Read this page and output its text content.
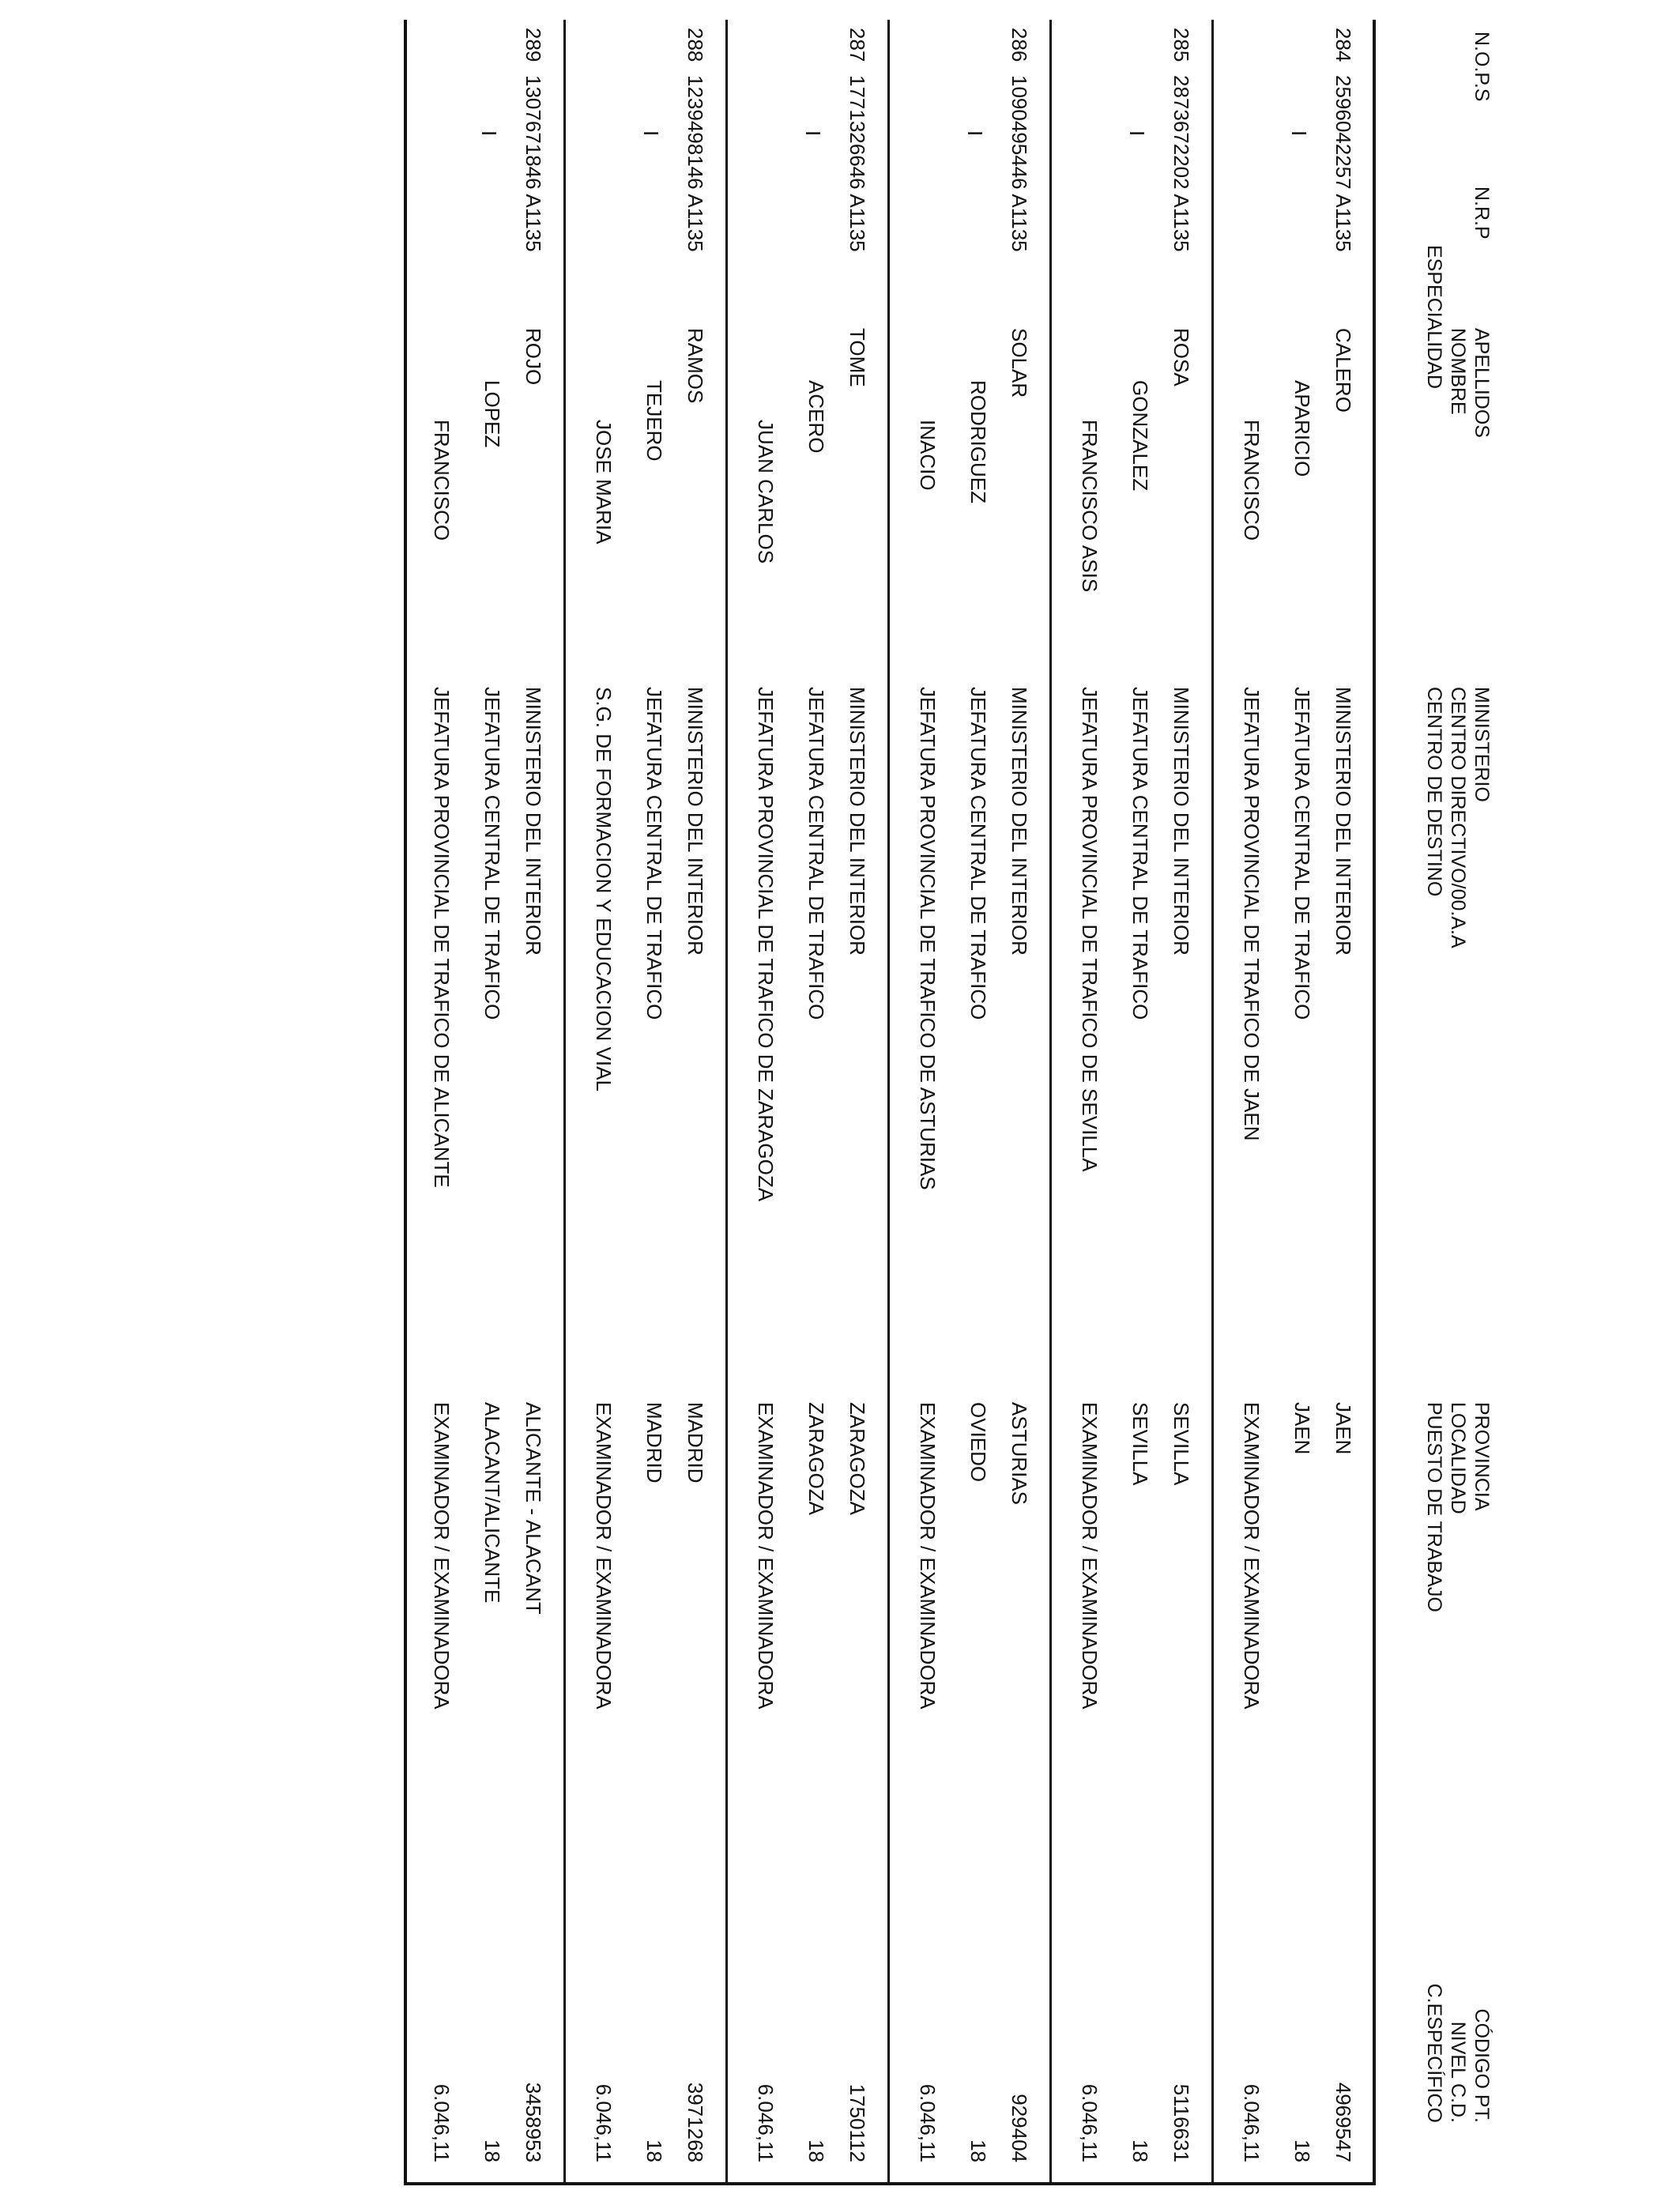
N.O.P.S
N.R.P
ESPECIALIDAD APELLIDOS
NOMBRE
MINISTERIO
CENTRO DIRECTIVO/00.A.A
CENTRO DE DESTINO
PROVINCIA
LOCALIDAD
PUESTO DE TRABAJO
CÓDIGO PT.
NIVEL C.D.
C.ESPECÍFICO
284
2596042257 A1135
I
CALERO
APARICIO
FRANCISCO
MINISTERIO DEL INTERIOR
JEFATURA CENTRAL DE TRAFICO
JEFATURA PROVINCIAL DE TRAFICO DE JAEN
JAEN
JAEN
EXAMINADOR / EXAMINADORA
4969547
18
6.046,11
285
2873672202 A1135
I
ROSA
GONZALEZ
FRANCISCO ASIS
MINISTERIO DEL INTERIOR
JEFATURA CENTRAL DE TRAFICO
JEFATURA PROVINCIAL DE TRAFICO DE SEVILLA
SEVILLA
SEVILLA
EXAMINADOR / EXAMINADORA
5116631
18
6.046,11
286
1090495446 A1135
I
SOLAR
RODRIGUEZ
INACIO
MINISTERIO DEL INTERIOR
JEFATURA CENTRAL DE TRAFICO
JEFATURA PROVINCIAL DE TRAFICO DE ASTURIAS
ASTURIAS
OVIEDO
EXAMINADOR / EXAMINADORA
929404
18
6.046,11
287
1771326646 A1135
I
TOME
ACERO
JUAN CARLOS
MINISTERIO DEL INTERIOR
JEFATURA CENTRAL DE TRAFICO
JEFATURA PROVINCIAL DE TRAFICO DE ZARAGOZA
ZARAGOZA
ZARAGOZA
EXAMINADOR / EXAMINADORA
1750112
18
6.046,11
288
1239498146 A1135
I
RAMOS
TEJERO
JOSE MARIA
MINISTERIO DEL INTERIOR
JEFATURA CENTRAL DE TRAFICO
S.G. DE FORMACION Y EDUCACION VIAL
MADRID
MADRID
EXAMINADOR / EXAMINADORA
3971268
18
6.046,11
289
1307671846 A1135
I
ROJO
LOPEZ
FRANCISCO
MINISTERIO DEL INTERIOR
JEFATURA CENTRAL DE TRAFICO
JEFATURA PROVINCIAL DE TRAFICO DE ALICANTE
ALICANTE - ALACANT
ALACANT/ALICANTE
EXAMINADOR / EXAMINADORA
3458953
18
6.046,11
